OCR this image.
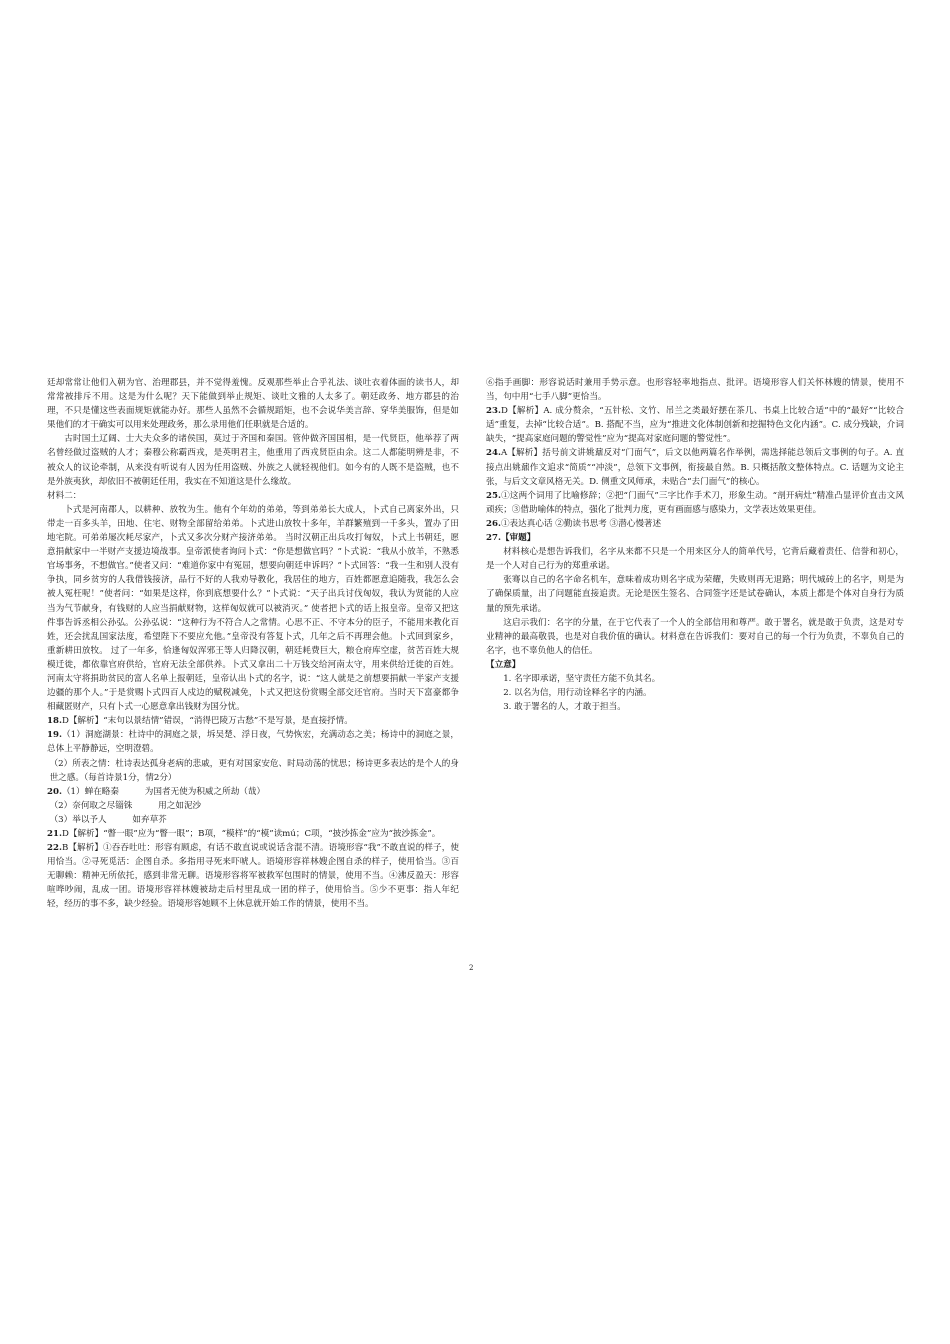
廷却常常让他们入朝为官、治理郡县，并不觉得羞愧。反观那些举止合乎礼法、谈吐衣着体面的读书人，却常常被排斥不用。这是为什么呢？天下能做到举止规矩、谈吐文雅的人太多了。朝廷政务、地方郡县的治理，不只是懂这些表面规矩就能办好。那些人虽然不会循规蹈矩，也不会说华美言辞、穿华美服饰，但是如果他们的才干确实可以用来处理政务，那么录用他们任职就是合适的。

古时国土辽阔、士大夫众多的诸侯国，莫过于齐国和秦国。管仲做齐国国相，是一代贤臣，他举荐了两名曾经做过盗贼的人才；秦穆公称霸西戎，是英明君主，他重用了西戎贤臣由余。这二人都能明辨是非，不被众人的议论牵制，从来没有听说有人因为任用盗贼、外族之人就轻视他们。如今有的人既不是盗贼，也不是外族夷狄，却依旧不被朝廷任用，我实在不知道这是什么缘故。

材料二：

卜式是河南郡人，以耕种、放牧为生。他有个年幼的弟弟，等到弟弟长大成人，卜式自己离家外出，只带走一百多头羊，田地、住宅、财物全部留给弟弟。卜式进山放牧十多年，羊群繁殖到一千多头，置办了田地宅院。可弟弟屡次耗尽家产，卜式又多次分财产接济弟弟。 当时汉朝正出兵攻打匈奴，卜式上书朝廷，愿意捐献家中一半财产支援边境战事。皇帝派使者询问卜式：“你是想做官吗？”卜式说：“我从小放羊，不熟悉官场事务，不想做官。”使者又问：“难道你家中有冤屈，想要向朝廷申诉吗？”卜式回答：“我一生和别人没有争执，同乡贫穷的人我借钱接济，品行不好的人我劝导教化，我居住的地方，百姓都愿意追随我，我怎么会被人冤枉呢！”使者问：“如果是这样，你到底想要什么？”卜式说：“天子出兵讨伐匈奴，我认为贤能的人应当为气节献身，有钱财的人应当捐献财物，这样匈奴就可以被消灭。” 使者把卜式的话上报皇帝。皇帝又把这件事告诉丞相公孙弘。公孙弘说：“这种行为不符合人之常情。心思不正、不守本分的臣子，不能用来教化百姓，还会扰乱国家法度，希望陛下不要应允他。”皇帝没有答复卜式，几年之后不再理会他。卜式回到家乡，重新耕田放牧。 过了一年多，恰逢匈奴浑邪王等人归降汉朝，朝廷耗费巨大，粮仓府库空虚，贫苦百姓大规模迁徙，都依靠官府供给，官府无法全部供养。卜式又拿出二十万钱交给河南太守，用来供给迁徙的百姓。 河南太守将捐助贫民的富人名单上报朝廷，皇帝认出卜式的名字，说：“这人就是之前想要捐献一半家产支援边疆的那个人。”于是赏赐卜式四百人戍边的赋税减免，卜式又把这份赏赐全部交还官府。当时天下富豪都争相藏匿财产，只有卜式一心愿意拿出钱财为国分忧。

18.D【解析】“末句以景结情”错误，“消得巴陵万古愁”不是写景，是直接抒情。

19.（1）洞庭湖景：杜诗中的洞庭之景，坼吴楚、浮日夜，气势恢宏，充满动态之美；杨诗中的洞庭之景，总体上平静静远，空明澄碧。

（2）所表之情：杜诗表达孤身老病的悲戚，更有对国家安危、时局动荡的忧思；杨诗更多表达的是个人的身世之感。（每首诗景1分，情2分）

20.（1）蝉在略秦　　　为国者无使为积威之所劫（哉）

（2）奈何取之尽锱铢　　　用之如泥沙

（3）举以予人　　　如弃草芥

21.D【解析】“瞥一眼”应为“瞥一眼”；B项，“模样”的“模”读mú；C项，“披沙拣金”应为“披沙拣金”。

22.B【解析】①吞吞吐吐：形容有顾虑，有话不敢直说或说话含混不清。语境形容“我”不敢直说的样子，使用恰当。②寻死觅活：企图自杀。多指用寻死来吓唬人。语境形容祥林嫂企图自杀的样子，使用恰当。③百无聊赖：精神无所依托，感到非常无聊。语境形容将军被救军包围时的情景，使用不当。④沸反盈天：形容喧哗吵闹，乱成一团。语境形容祥林嫂被劫走后村里乱成一团的样子，使用恰当。⑤少不更事：指人年纪轻，经历的事不多，缺少经验。语境形容她顾不上休息就开始工作的情景，使用不当。

⑥指手画脚：形容说话时兼用手势示意。也形容轻率地指点、批评。语境形容人们关怀林嫂的情景，使用不当，句中用“七手八脚”更恰当。

23.D【解析】A. 成分赘余，“五针松、文竹、吊兰之类最好摆在茶几、书桌上比较合适”中的“最好”“比较合适”重复，去掉“比较合适”。B. 搭配不当，应为“推进文化体制创新和挖掘特色文化内涵”。C. 成分残缺，介词缺失，“提高家庭问题的警觉性”应为“提高对家庭问题的警觉性”。

24.A【解析】括号前文讲姚鼐反对“门面气”，后文以他两篇名作举例，需选择能总领后文事例的句子。A. 直接点出姚鼐作文追求“简质”“冲淡”，总领下文事例，衔接最自然。B. 只概括散文整体特点。C. 话题为文论主张，与后文文章风格无关。D. 侧重文风师承，未贴合“去门面气”的核心。

25.①这两个词用了比喻修辞；②把“门面气”三字比作手术刀，形象生动。“剖开病灶”精准凸显评价直击文风顽疾；③借助喻体的特点，强化了批判力度，更有画面感与感染力，文学表达效果更佳。

26.①表达真心话 ②勤读书思考 ③潜心慢著述

27.【审题】

材料核心是想告诉我们，名字从来都不只是一个用来区分人的简单代号，它背后藏着责任、信誉和初心，是一个人对自己行为的郑重承诺。

张骞以自己的名字命名机车，意味着成功则名字成为荣耀，失败则再无退路；明代城砖上的名字，则是为了确保质量，出了问题能直接追责。无论是医生签名、合同签字还是试卷确认，本质上都是个体对自身行为质量的预先承诺。

这启示我们：名字的分量，在于它代表了一个人的全部信用和尊严。敢于署名，就是敢于负责，这是对专业精神的最高敬畏，也是对自我价值的确认。材料意在告诉我们：要对自己的每一个行为负责，不辜负自己的名字，也不辜负他人的信任。

【立意】

1. 名字即承诺，坚守责任方能不负其名。

2. 以名为信，用行动诠释名字的内涵。

3. 敢于署名的人，才敢于担当。

2
